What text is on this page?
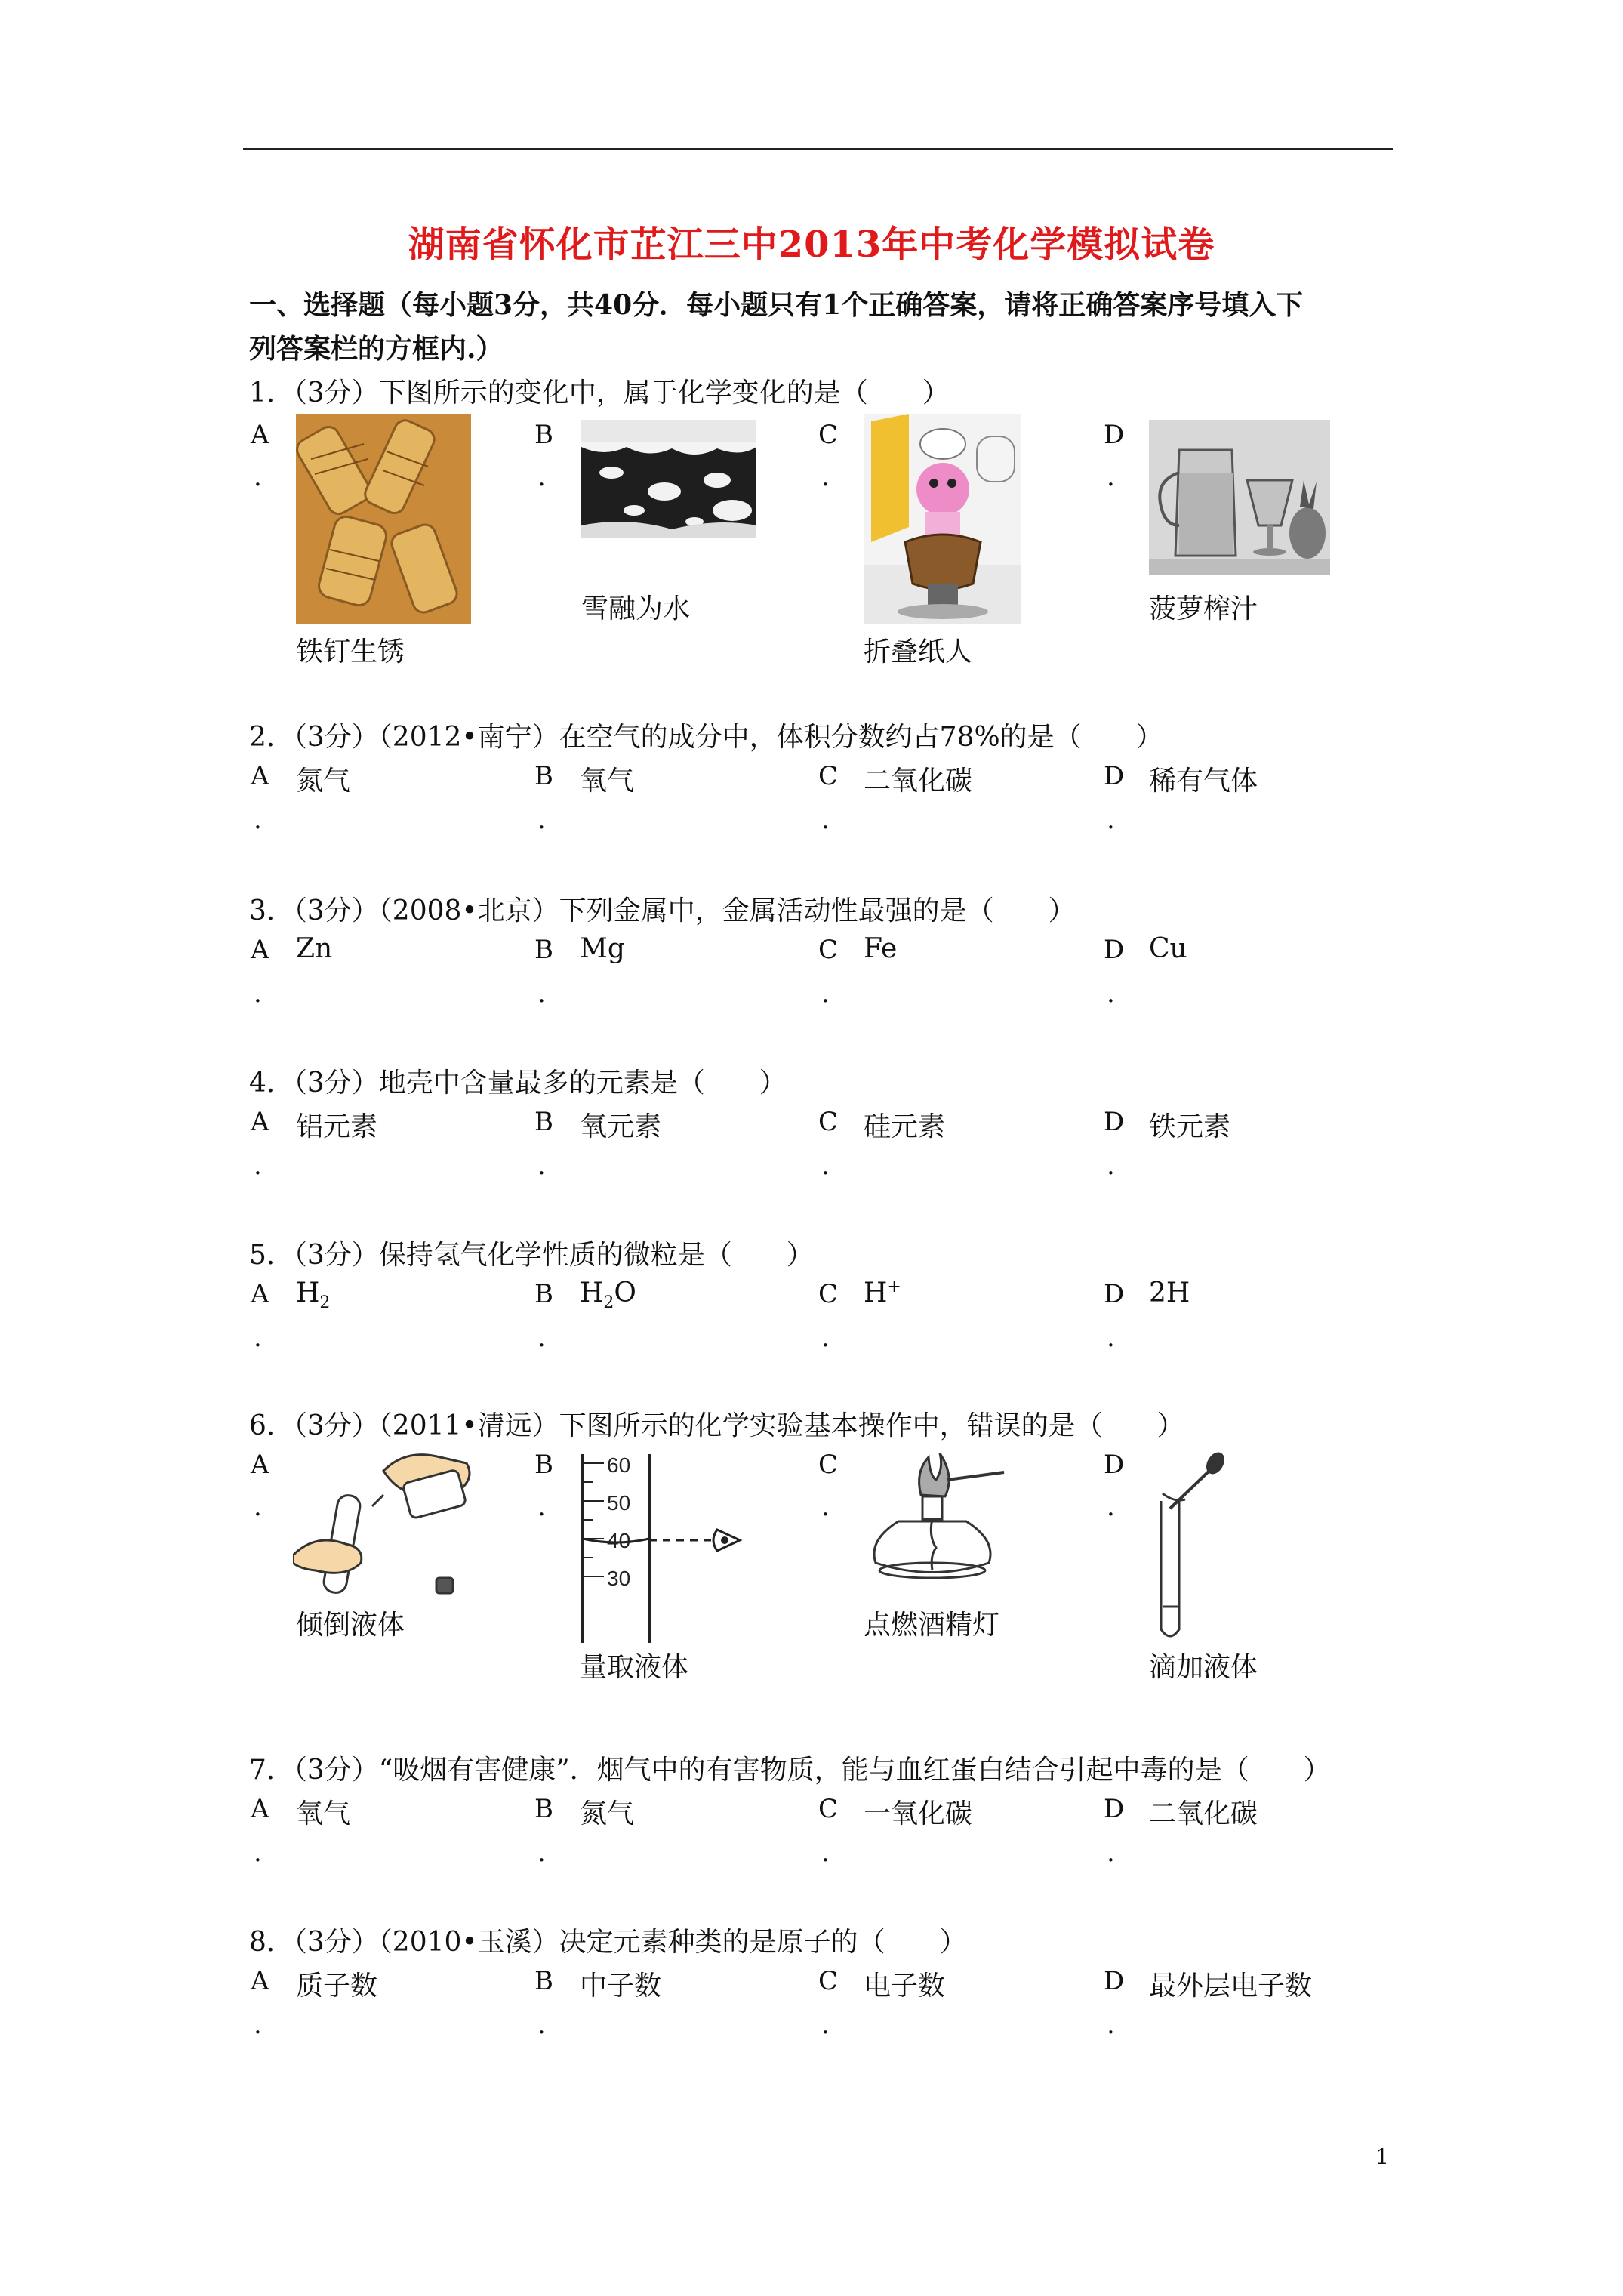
湖南省怀化市芷江三中2013年中考化学模拟试卷
一、选择题（每小题3分，共40分．每小题只有1个正确答案，请将正确答案序号填入下
列答案栏的方框内.）
1．（3分）下图所示的变化中，属于化学变化的是（　　）
A
.
B
.
C
.
D
.
铁钉生锈
雪融为水
折叠纸人
菠萝榨汁
2．（3分）（2012•南宁）在空气的成分中，体积分数约占78%的是（　　）
A 氮气
.
B 氧气
.
C 二氧化碳
.
D 稀有气体
.
3．（3分）（2008•北京）下列金属中，金属活动性最强的是（　　）
A Zn
.
B Mg
.
C Fe
.
D Cu
.
4．（3分）地壳中含量最多的元素是（　　）
A 铝元素
.
B 氧元素
.
C 硅元素
.
D 铁元素
.
5．（3分）保持氢气化学性质的微粒是（　　）
A $H_2$
.
B $H_2O$
.
C H+
.
D 2H
.
6．（3分）（2011•清远）下图所示的化学实验基本操作中，错误的是（　　）
A
.
B
.
C
.
D
.
倾倒液体
60
50
40
30
量取液体
点燃酒精灯
滴加液体
7．（3分）“吸烟有害健康”．烟气中的有害物质，能与血红蛋白结合引起中毒的是（　　）
A 氧气
.
B 氮气
.
C 一氧化碳
.
D 二氧化碳
.
8．（3分）（2010•玉溪）决定元素种类的是原子的（　　）
A 质子数
.
B 中子数
.
C 电子数
.
D 最外层电子数
.
1
